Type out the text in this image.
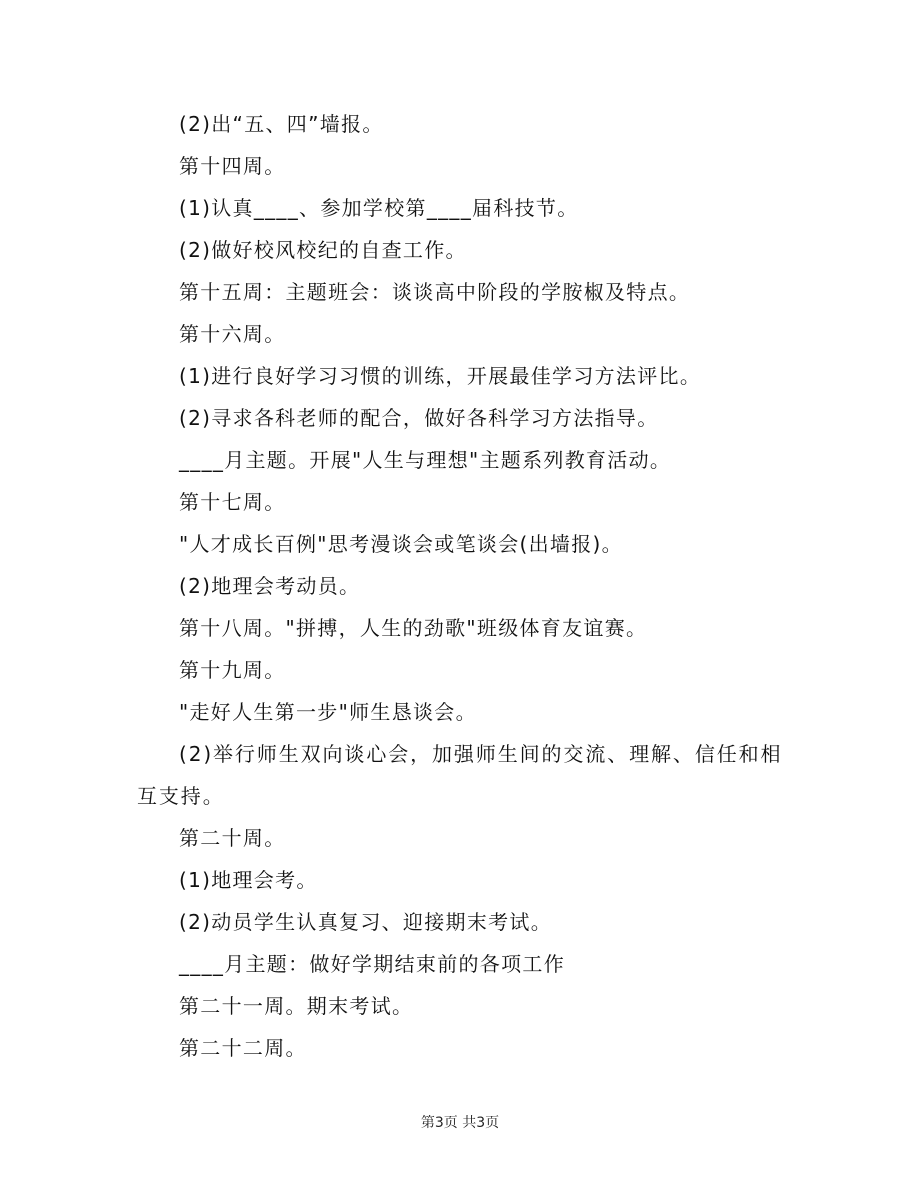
(2)出“五、四”墙报。
第十四周。
(1)认真____、参加学校第____届科技节。
(2)做好校风校纪的自查工作。
第十五周：主题班会：谈谈高中阶段的学胺椒及特点。
第十六周。
(1)进行良好学习习惯的训练，开展最佳学习方法评比。
(2)寻求各科老师的配合，做好各科学习方法指导。
____月主题。开展"人生与理想"主题系列教育活动。
第十七周。
"人才成长百例"思考漫谈会或笔谈会(出墙报)。
(2)地理会考动员。
第十八周。"拼搏，人生的劲歌"班级体育友谊赛。
第十九周。
"走好人生第一步"师生恳谈会。
(2)举行师生双向谈心会，加强师生间的交流、理解、信任和相互支持。
第二十周。
(1)地理会考。
(2)动员学生认真复习、迎接期末考试。
____月主题：做好学期结束前的各项工作
第二十一周。期末考试。
第二十二周。
第3页 共3页
